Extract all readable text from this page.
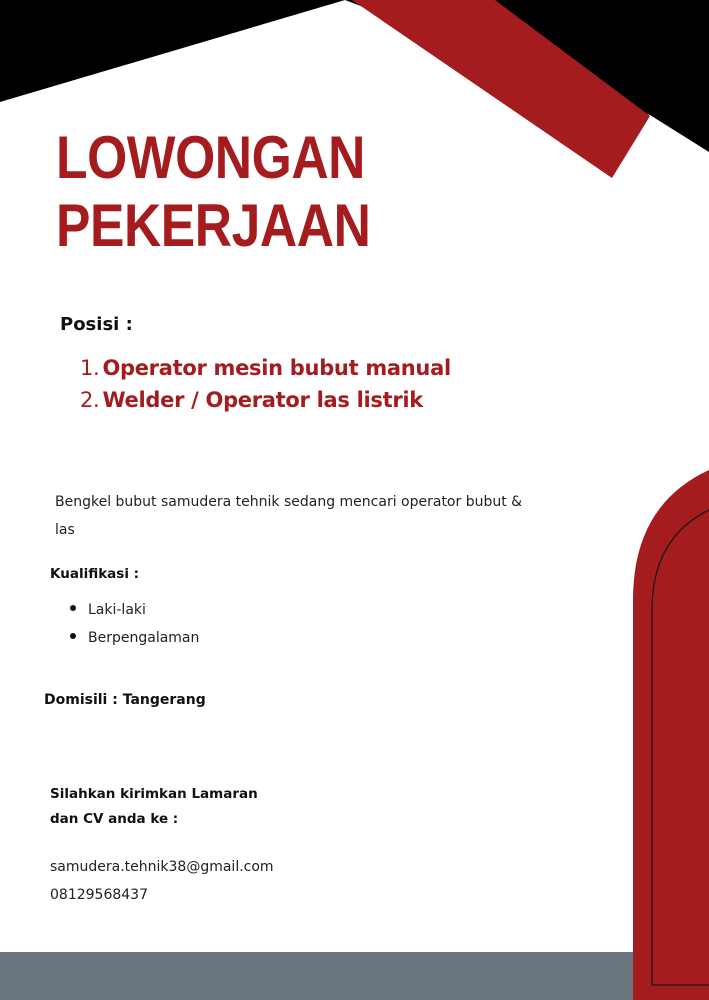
LOWONGAN
PEKERJAAN
Posisi :
1. Operator mesin bubut manual
2. Welder / Operator las listrik

Bengkel bubut samudera tehnik sedang mencari operator bubut & las

Kualifikasi :
Laki-laki
Berpengalaman
Domisili : Tangerang
Silahkan kirimkan Lamaran
dan CV anda ke :
samudera.tehnik38@gmail.com
08129568437
